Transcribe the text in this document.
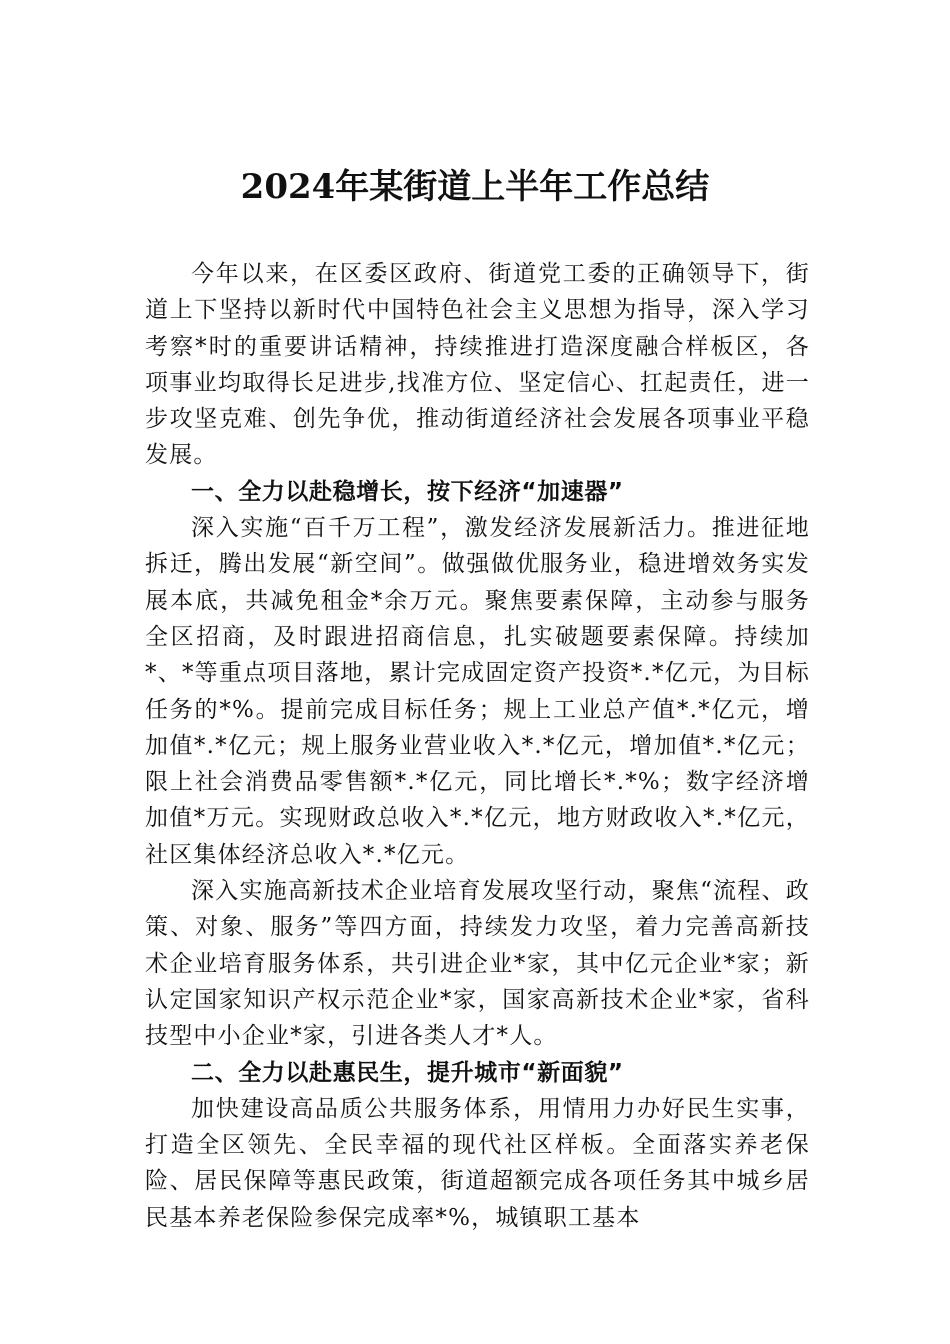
2024年某街道上半年工作总结

今年以来，在区委区政府、街道党工委的正确领导下，街道上下坚持以新时代中国特色社会主义思想为指导，深入学习考察*时的重要讲话精神，持续推进打造深度融合样板区，各项事业均取得长足进步,找准方位、坚定信心、扛起责任，进一步攻坚克难、创先争优，推动街道经济社会发展各项事业平稳发展。

一、全力以赴稳增长，按下经济“加速器”

深入实施“百千万工程”，激发经济发展新活力。推进征地拆迁，腾出发展“新空间”。做强做优服务业，稳进增效务实发展本底，共减免租金*余万元。聚焦要素保障，主动参与服务全区招商，及时跟进招商信息，扎实破题要素保障。持续加*、*等重点项目落地，累计完成固定资产投资*.*亿元，为目标任务的*%。提前完成目标任务；规上工业总产值*.*亿元，增加值*.*亿元；规上服务业营业收入*.*亿元，增加值*.*亿元；限上社会消费品零售额*.*亿元，同比增长*.*%；数字经济增加值*万元。实现财政总收入*.*亿元，地方财政收入*.*亿元，社区集体经济总收入*.*亿元。

深入实施高新技术企业培育发展攻坚行动，聚焦“流程、政策、对象、服务”等四方面，持续发力攻坚，着力完善高新技术企业培育服务体系，共引进企业*家，其中亿元企业*家；新认定国家知识产权示范企业*家，国家高新技术企业*家，省科技型中小企业*家，引进各类人才*人。

二、全力以赴惠民生，提升城市“新面貌”

加快建设高品质公共服务体系，用情用力办好民生实事，打造全区领先、全民幸福的现代社区样板。全面落实养老保险、居民保障等惠民政策，街道超额完成各项任务其中城乡居民基本养老保险参保完成率*%，城镇职工基本
